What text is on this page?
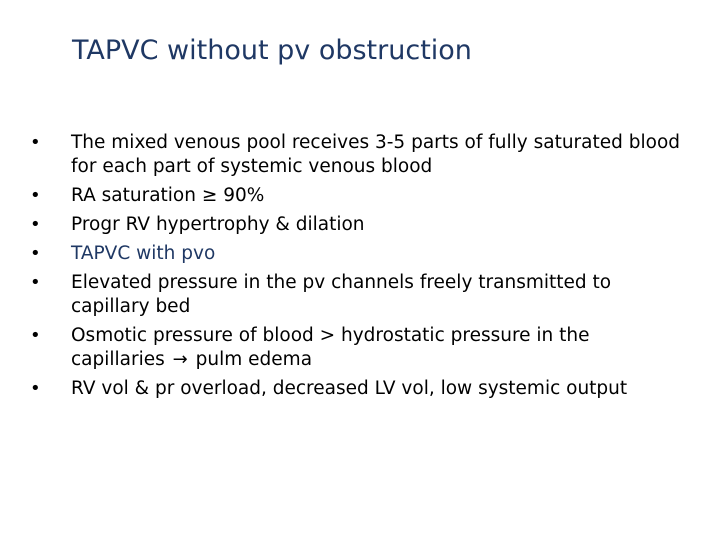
TAPVC without pv obstruction
• The mixed venous pool receives 3-5 parts of fully saturated blood for each part of systemic venous blood
• RA saturation ≥ 90%
• Progr RV hypertrophy & dilation
• TAPVC with pvo
• Elevated pressure in the pv channels freely transmitted to capillary bed
• Osmotic pressure of blood > hydrostatic pressure in the capillaries → pulm edema
• RV vol & pr overload, decreased LV vol, low systemic output
